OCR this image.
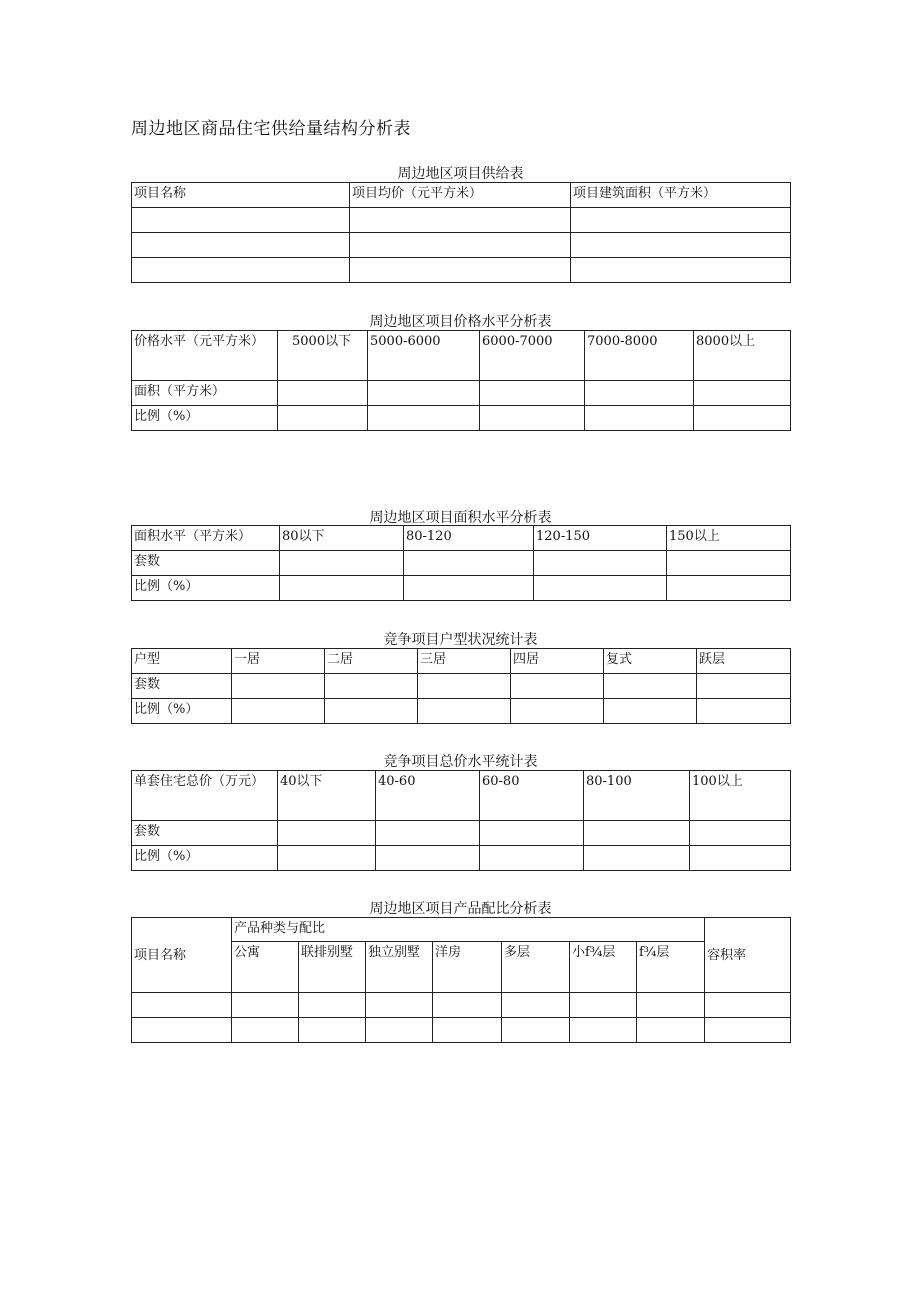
周边地区商品住宅供给量结构分析表
周边地区项目供给表
项目名称	项目均价（元平方米）	项目建筑面积（平方米）

周边地区项目价格水平分析表
价格水平（元平方米）	5000以下	5000-6000	6000-7000	7000-8000	8000以上
面积（平方米）					
比例（%）					
周边地区项目面积水平分析表
面积水平（平方米）	80以下	80-120	120-150	150以上
套数				
比例（%）				
竞争项目户型状况统计表
户型	一居	二居	三居	四居	复式	跃层
套数						
比例（%）						
竞争项目总价水平统计表
单套住宅总价（万元）	40以下	40-60	60-80	80-100	100以上
套数					
比例（%）					
周边地区项目产品配比分析表
项目名称	产品种类与配比							容积率
	公寓	联排别墅	独立别墅	洋房	多层	小f¾层	f¾层	
